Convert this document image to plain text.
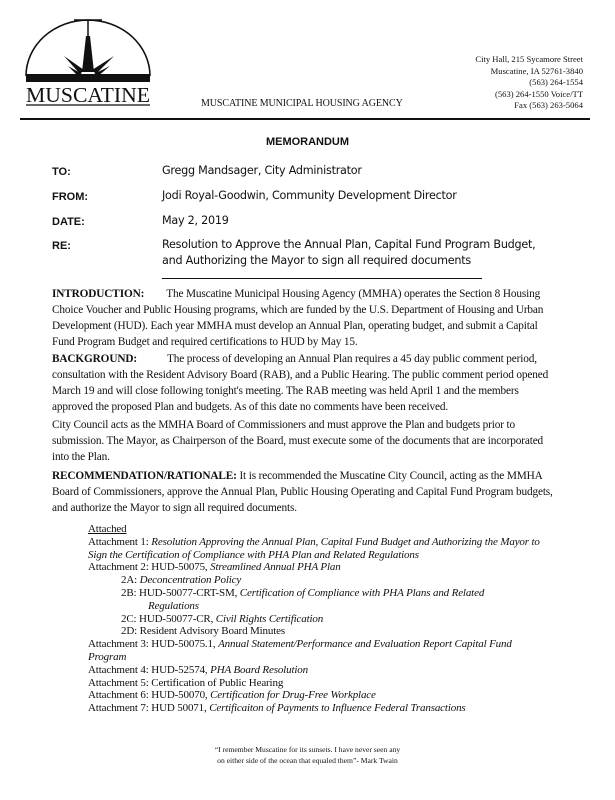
MUSCATINE	MUSCATINE MUNICIPAL HOUSING AGENCY
City Hall, 215 Sycamore Street
Muscatine, IA 52761-3840
(563) 264-1554
(563) 264-1550 Voice/TT
Fax (563) 263-5064
MEMORANDUM
TO:	Gregg Mandsager, City Administrator
FROM:	Jodi Royal-Goodwin, Community Development Director
DATE:	May 2, 2019
RE:	Resolution to Approve the Annual Plan, Capital Fund Program Budget,
and Authorizing the Mayor to sign all required documents
INTRODUCTION: The Muscatine Municipal Housing Agency (MMHA) operates the Section 8 Housing
Choice Voucher and Public Housing programs, which are funded by the U.S. Department of Housing and Urban
Development (HUD). Each year MMHA must develop an Annual Plan, operating budget, and submit a Capital
Fund Program Budget and required certifications to HUD by May 15.
BACKGROUND:	The process of developing an Annual Plan requires a 45 day public comment period,
consultation with the Resident Advisory Board (RAB), and a Public Hearing. The public comment period opened
March 19 and will close following tonight's meeting. The RAB meeting was held April 1 and the members
approved the proposed Plan and budgets. As of this date no comments have been received.
City Council acts as the MMHA Board of Commissioners and must approve the Plan and budgets prior to
submission. The Mayor, as Chairperson of the Board, must execute some of the documents that are incorporated
into the Plan.
RECOMMENDATION/RATIONALE: It is recommended the Muscatine City Council, acting as the MMHA
Board of Commissioners, approve the Annual Plan, Public Housing Operating and Capital Fund Program budgets,
and authorize the Mayor to sign all required documents.
Attached
Attachment 1: Resolution Approving the Annual Plan, Capital Fund Budget and Authorizing the Mayor to
Sign the Certification of Compliance with PHA Plan and Related Regulations
Attachment 2: HUD-50075, Streamlined Annual PHA Plan
2A: Deconcentration Policy
2B: HUD-50077-CRT-SM, Certification of Compliance with PHA Plans and Related
Regulations
2C: HUD-50077-CR, Civil Rights Certification
2D: Resident Advisory Board Minutes
Attachment 3: HUD-50075.1, Annual Statement/Performance and Evaluation Report Capital Fund
Program
Attachment 4: HUD-52574, PHA Board Resolution
Attachment 5: Certification of Public Hearing
Attachment 6: HUD-50070, Certification for Drug-Free Workplace
Attachment 7: HUD 50071, Certificaiton of Payments to Influence Federal Transactions
“I remember Muscatine for its sunsets. I have never seen any
on either side of the ocean that equaled them”- Mark Twain
